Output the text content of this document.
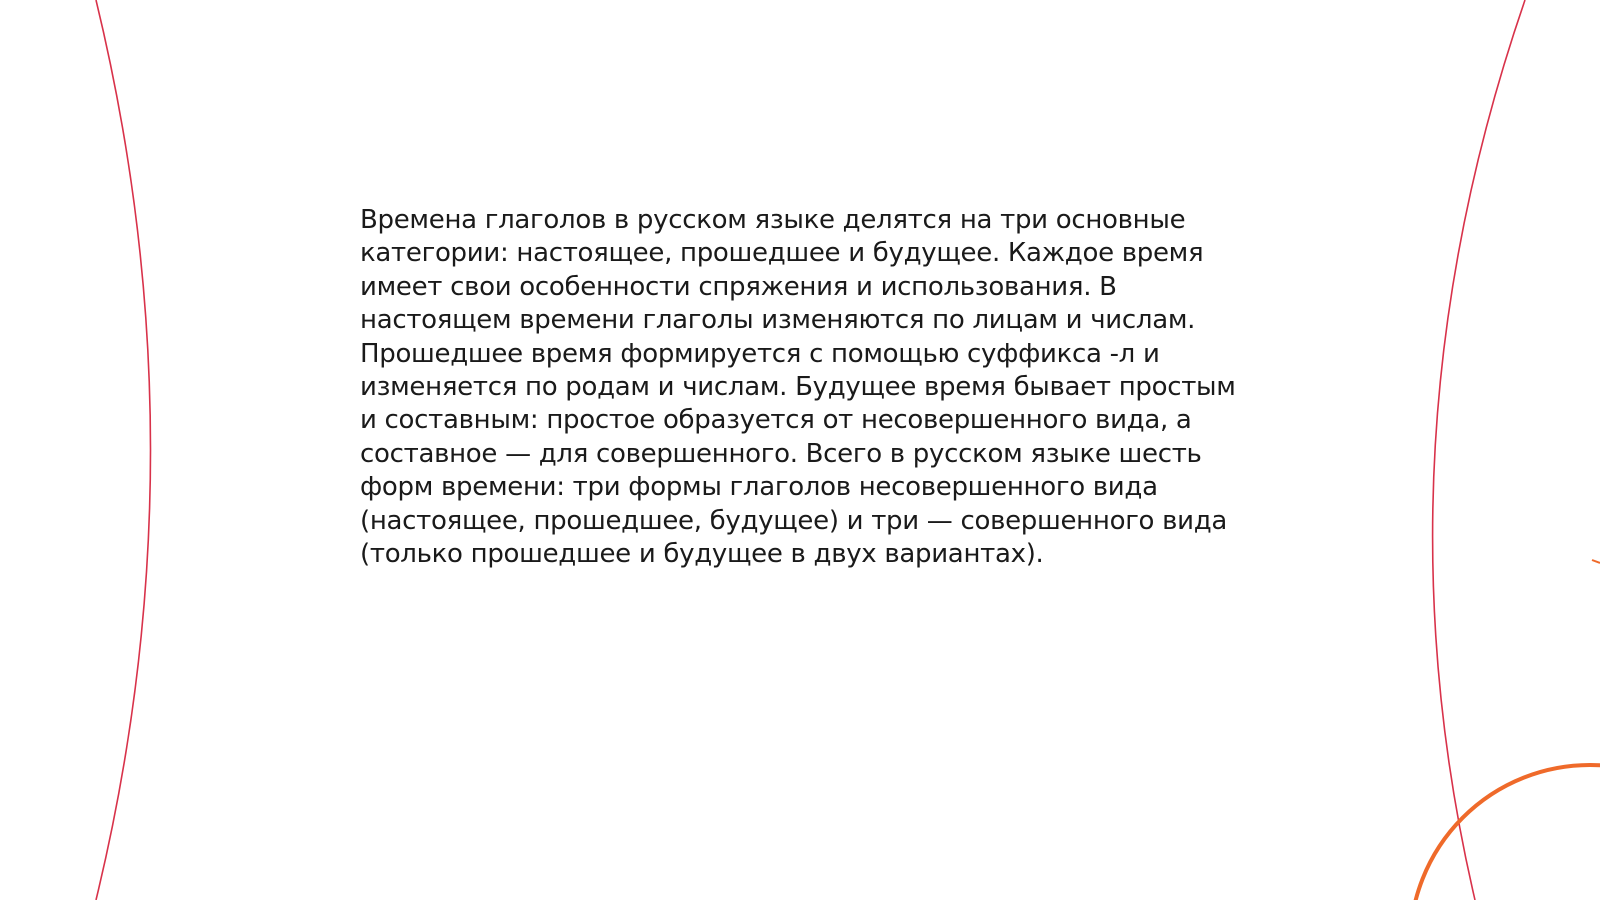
Времена глаголов в русском языке делятся на три основные категории: настоящее, прошедшее и будущее. Каждое время имеет свои особенности спряжения и использования. В настоящем времени глаголы изменяются по лицам и числам. Прошедшее время формируется с помощью суффикса -л и изменяется по родам и числам. Будущее время бывает простым и составным: простое образуется от несовершенного вида, а составное — для совершенного. Всего в русском языке шесть форм времени: три формы глаголов несовершенного вида (настоящее, прошедшее, будущее) и три — совершенного вида (только прошедшее и будущее в двух вариантах).
